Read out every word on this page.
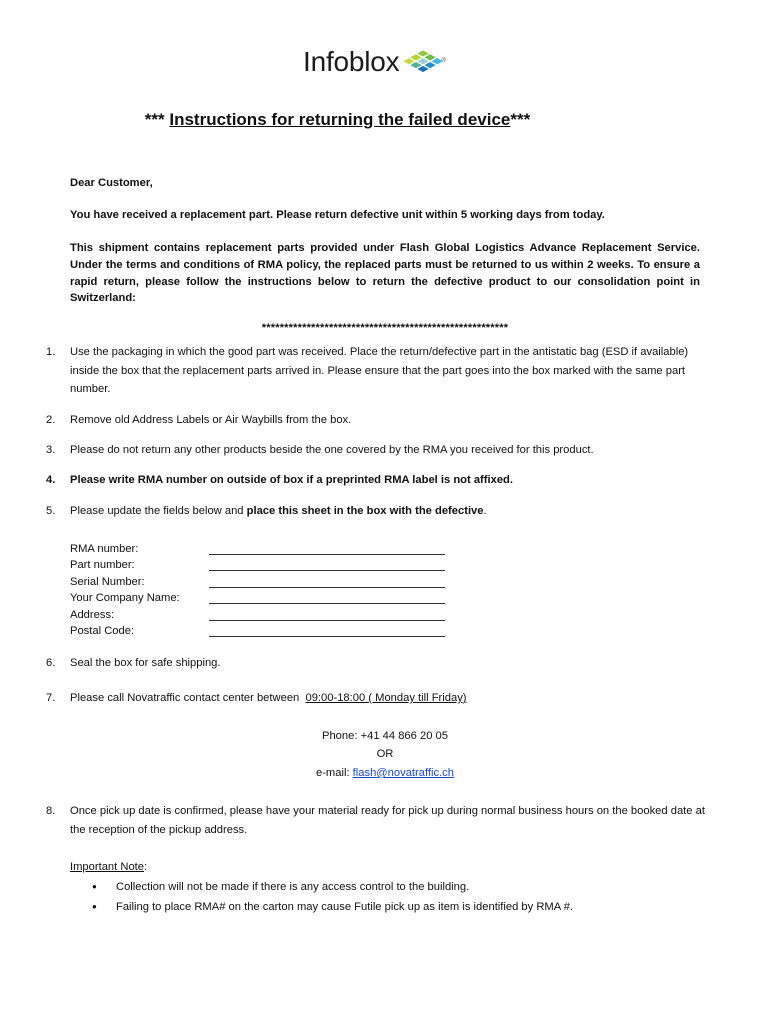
Infoblox	®
*** Instructions for returning the failed device***
Dear Customer,
You have received a replacement part. Please return defective unit within 5 working days from today.
This shipment contains replacement parts provided under Flash Global Logistics Advance Replacement Service. Under the terms and conditions of RMA policy, the replaced parts must be returned to us within 2 weeks. To ensure a rapid return, please follow the instructions below to return the defective product to our consolidation point in Switzerland:
*******************************************************
1.	Use the packaging in which the good part was received. Place the return/defective part in the antistatic bag (ESD if available) inside the box that the replacement parts arrived in. Please ensure that the part goes into the box marked with the same part number.
2.	Remove old Address Labels or Air Waybills from the box.
3.	Please do not return any other products beside the one covered by the RMA you received for this product.
4.	Please write RMA number on outside of box if a preprinted RMA label is not affixed.
5.	Please update the fields below and place this sheet in the box with the defective.
RMA number:
Part number:
Serial Number:
Your Company Name:
Address:
Postal Code:
6.	Seal the box for safe shipping.
7.	Please call Novatraffic contact center between  09:00-18:00 ( Monday till Friday)
Phone: +41 44 866 20 05
OR
e-mail: flash@novatraffic.ch
8.	Once pick up date is confirmed, please have your material ready for pick up during normal business hours on the booked date at the reception of the pickup address.
Important Note:
●	Collection will not be made if there is any access control to the building.
●	Failing to place RMA# on the carton may cause Futile pick up as item is identified by RMA #.
